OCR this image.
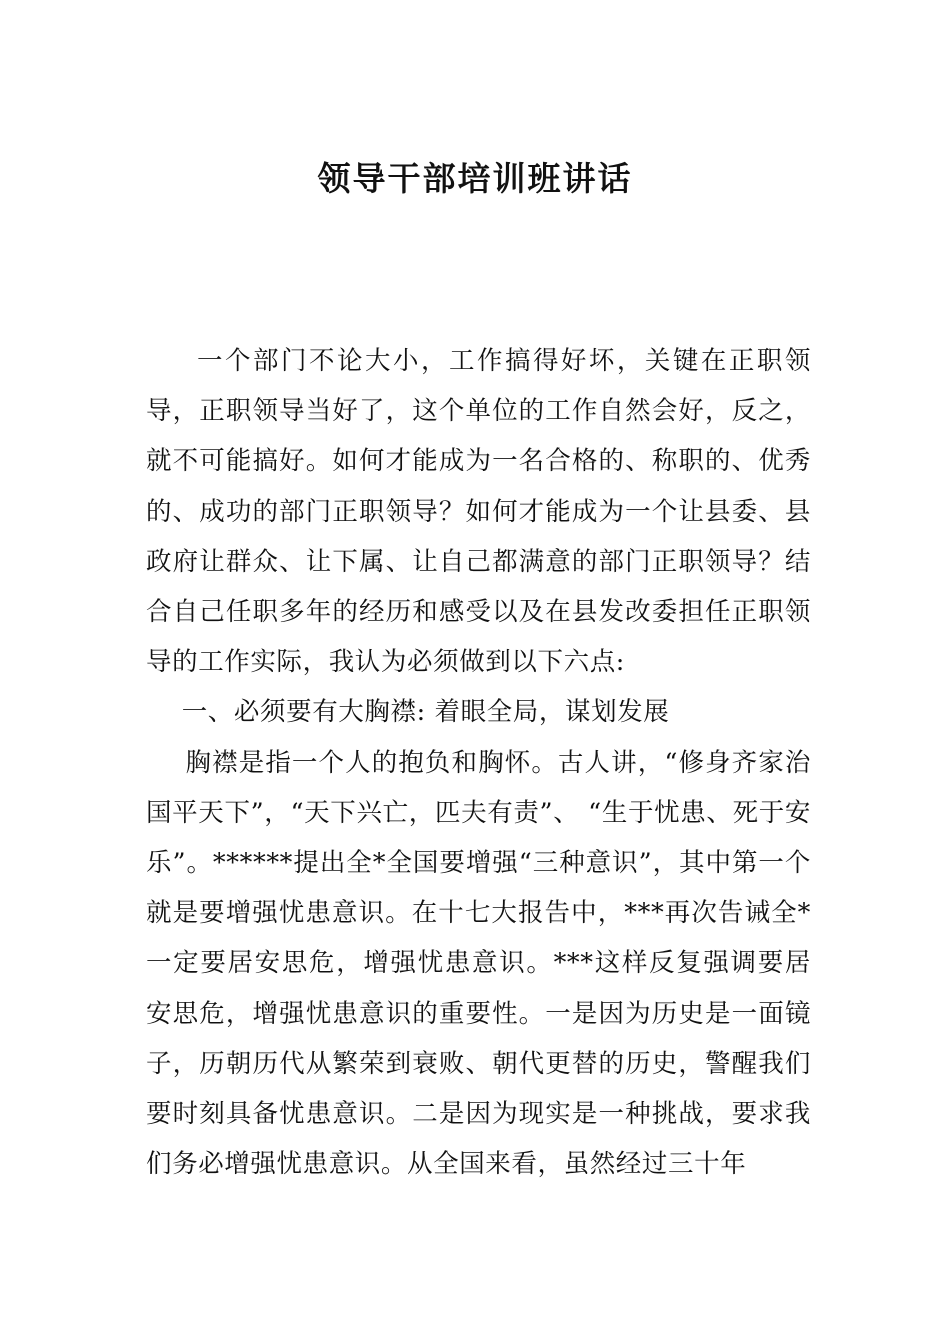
领导干部培训班讲话

一个部门不论大小，工作搞得好坏，关键在正职领导，正职领导当好了，这个单位的工作自然会好，反之，就不可能搞好。如何才能成为一名合格的、称职的、优秀的、成功的部门正职领导？如何才能成为一个让县委、县政府让群众、让下属、让自己都满意的部门正职领导？结合自己任职多年的经历和感受以及在县发改委担任正职领导的工作实际，我认为必须做到以下六点:

一、必须要有大胸襟: 着眼全局，谋划发展

胸襟是指一个人的抱负和胸怀。古人讲，“修身齐家治国平天下”，“天下兴亡，匹夫有责”、 “生于忧患、死于安乐”。******提出全*全国要增强“三种意识”，其中第一个就是要增强忧患意识。在十七大报告中，***再次告诫全*一定要居安思危，增强忧患意识。***这样反复强调要居安思危，增强忧患意识的重要性。一是因为历史是一面镜子，历朝历代从繁荣到衰败、朝代更替的历史，警醒我们要时刻具备忧患意识。二是因为现实是一种挑战，要求我们务必增强忧患意识。从全国来看，虽然经过三十年
